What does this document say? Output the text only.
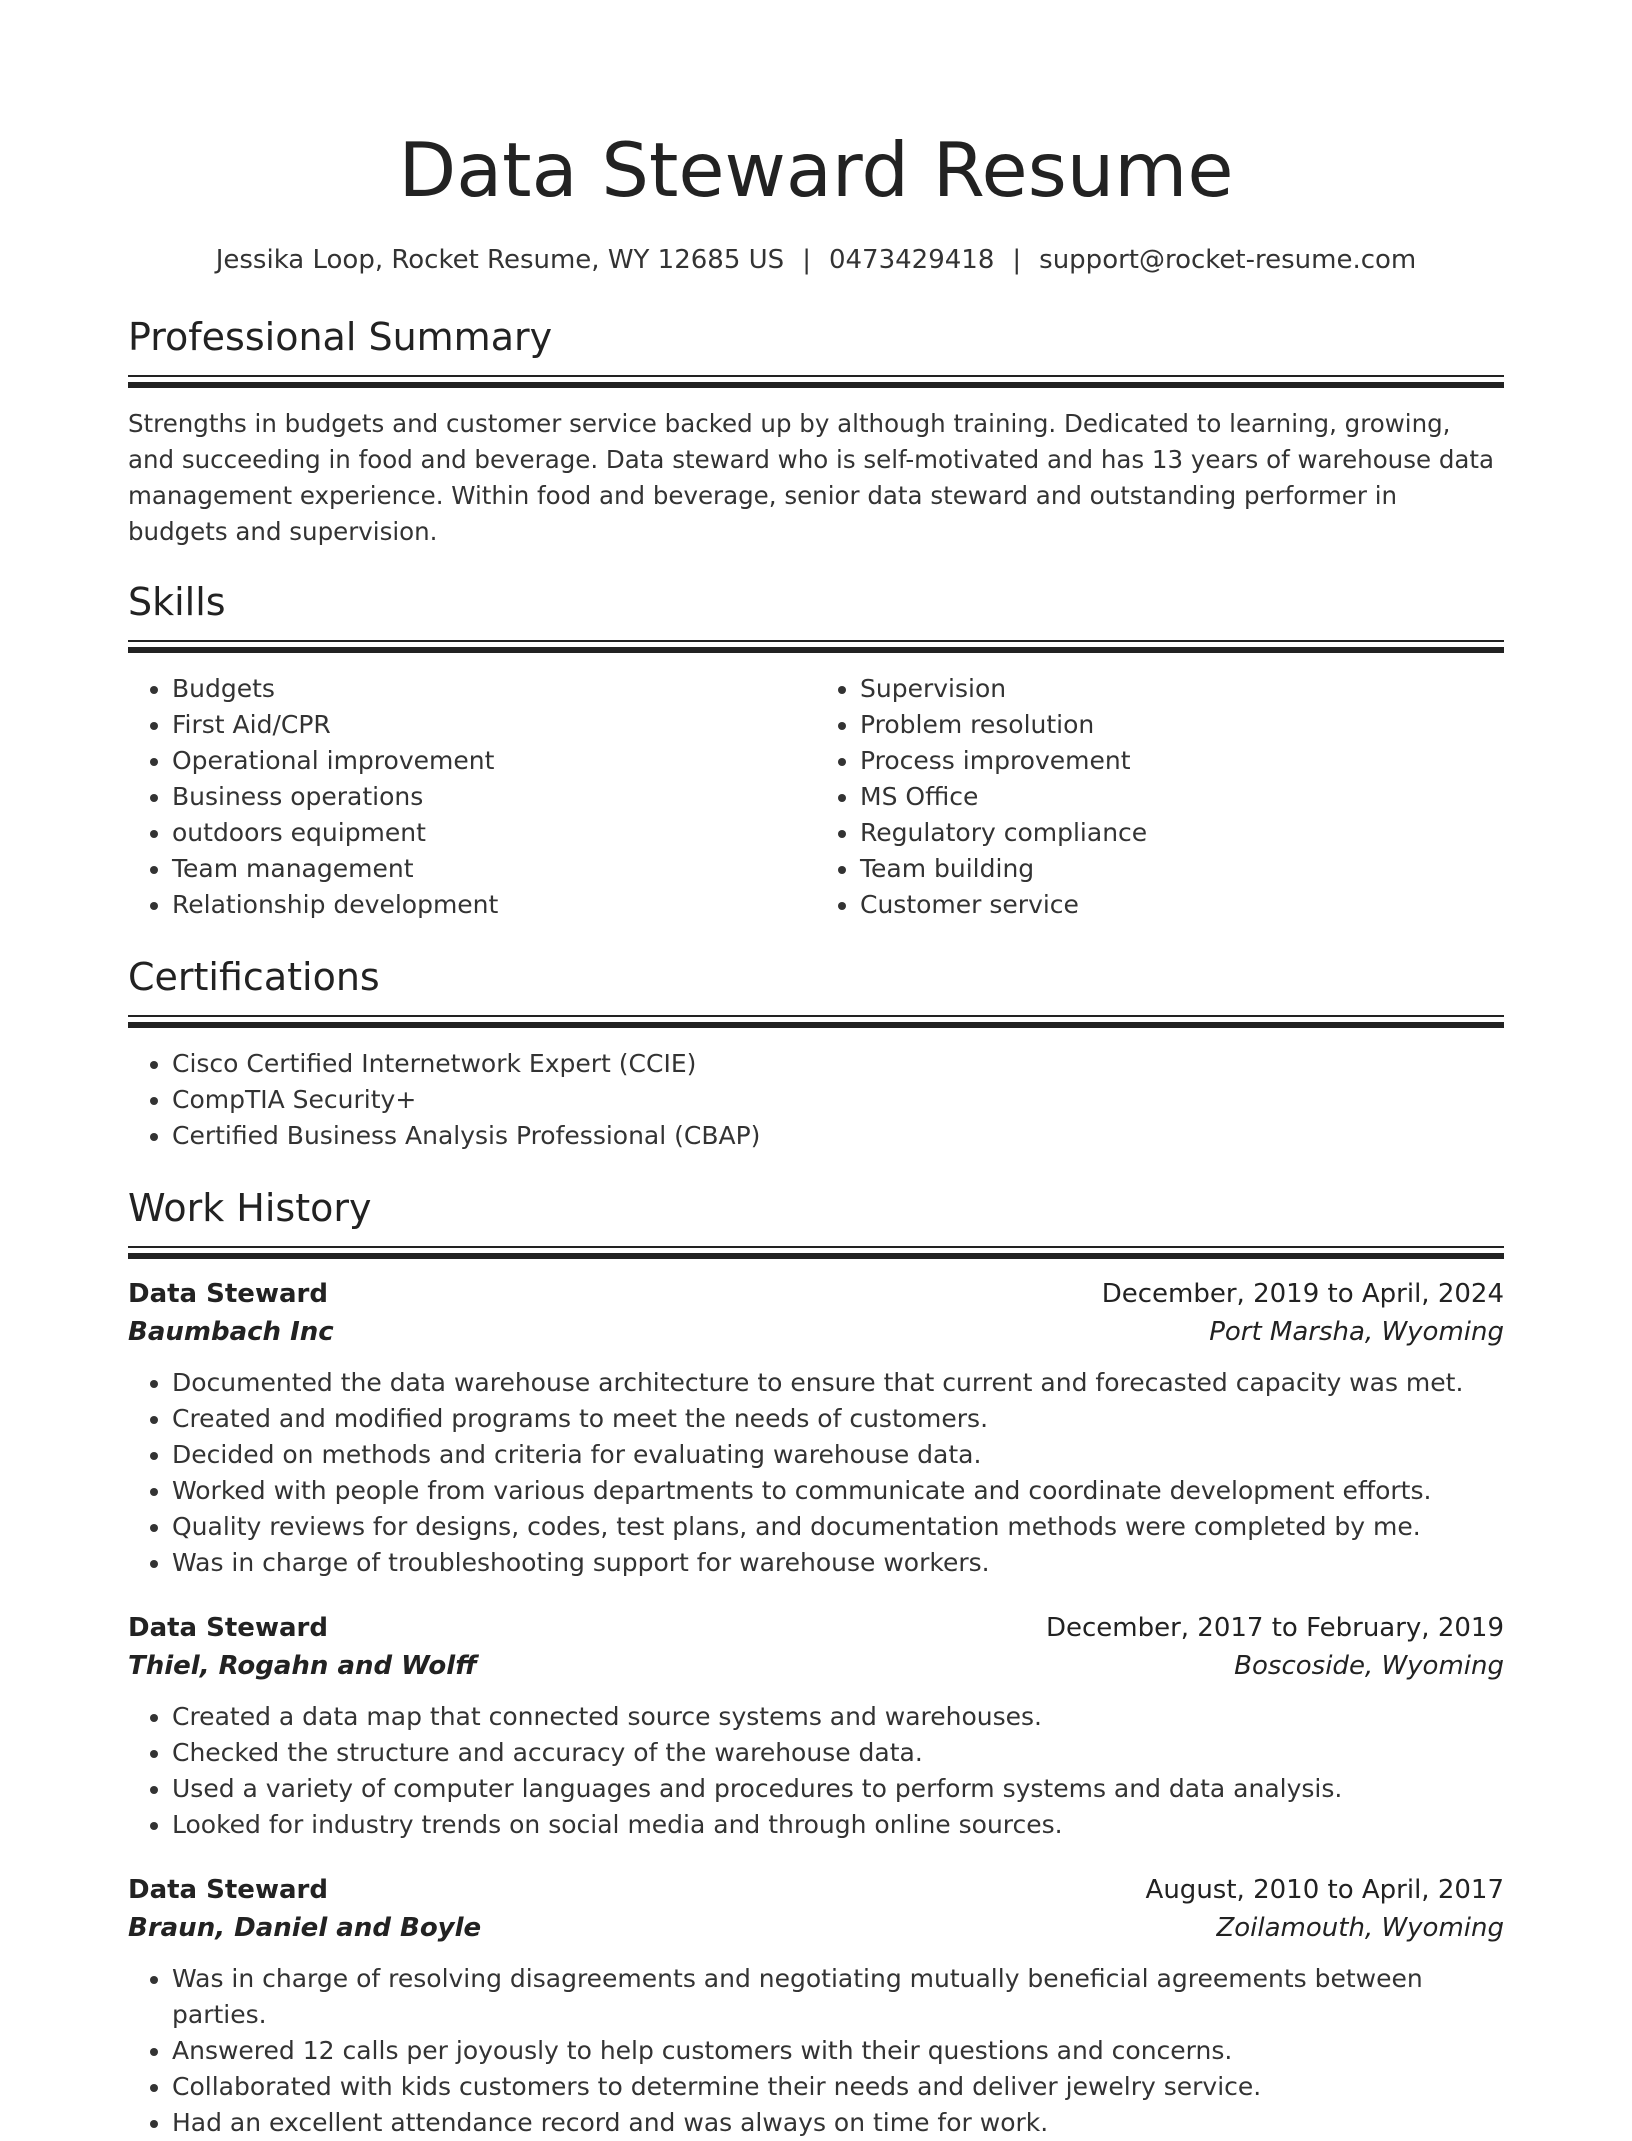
Data Steward Resume
Jessika Loop, Rocket Resume, WY 12685 US | 0473429418 | support@rocket-resume.com
Professional Summary

Strengths in budgets and customer service backed up by although training. Dedicated to learning, growing, and succeeding in food and beverage. Data steward who is self-motivated and has 13 years of warehouse data management experience. Within food and beverage, senior data steward and outstanding performer in budgets and supervision.

Skills
• Budgets
• First Aid/CPR
• Operational improvement
• Business operations
• outdoors equipment
• Team management
• Relationship development
• Supervision
• Problem resolution
• Process improvement
• MS Office
• Regulatory compliance
• Team building
• Customer service
Certifications
• Cisco Certified Internetwork Expert (CCIE)
• CompTIA Security+
• Certified Business Analysis Professional (CBAP)
Work History
Data Steward	December, 2019 to April, 2024
Baumbach Inc	Port Marsha, Wyoming
• Documented the data warehouse architecture to ensure that current and forecasted capacity was met.
• Created and modified programs to meet the needs of customers.
• Decided on methods and criteria for evaluating warehouse data.
• Worked with people from various departments to communicate and coordinate development efforts.
• Quality reviews for designs, codes, test plans, and documentation methods were completed by me.
• Was in charge of troubleshooting support for warehouse workers.
Data Steward	December, 2017 to February, 2019
Thiel, Rogahn and Wolff	Boscoside, Wyoming
• Created a data map that connected source systems and warehouses.
• Checked the structure and accuracy of the warehouse data.
• Used a variety of computer languages and procedures to perform systems and data analysis.
• Looked for industry trends on social media and through online sources.
Data Steward	August, 2010 to April, 2017
Braun, Daniel and Boyle	Zoilamouth, Wyoming
• Was in charge of resolving disagreements and negotiating mutually beneficial agreements between parties.
• Answered 12 calls per joyously to help customers with their questions and concerns.
• Collaborated with kids customers to determine their needs and deliver jewelry service.
• Had an excellent attendance record and was always on time for work.
